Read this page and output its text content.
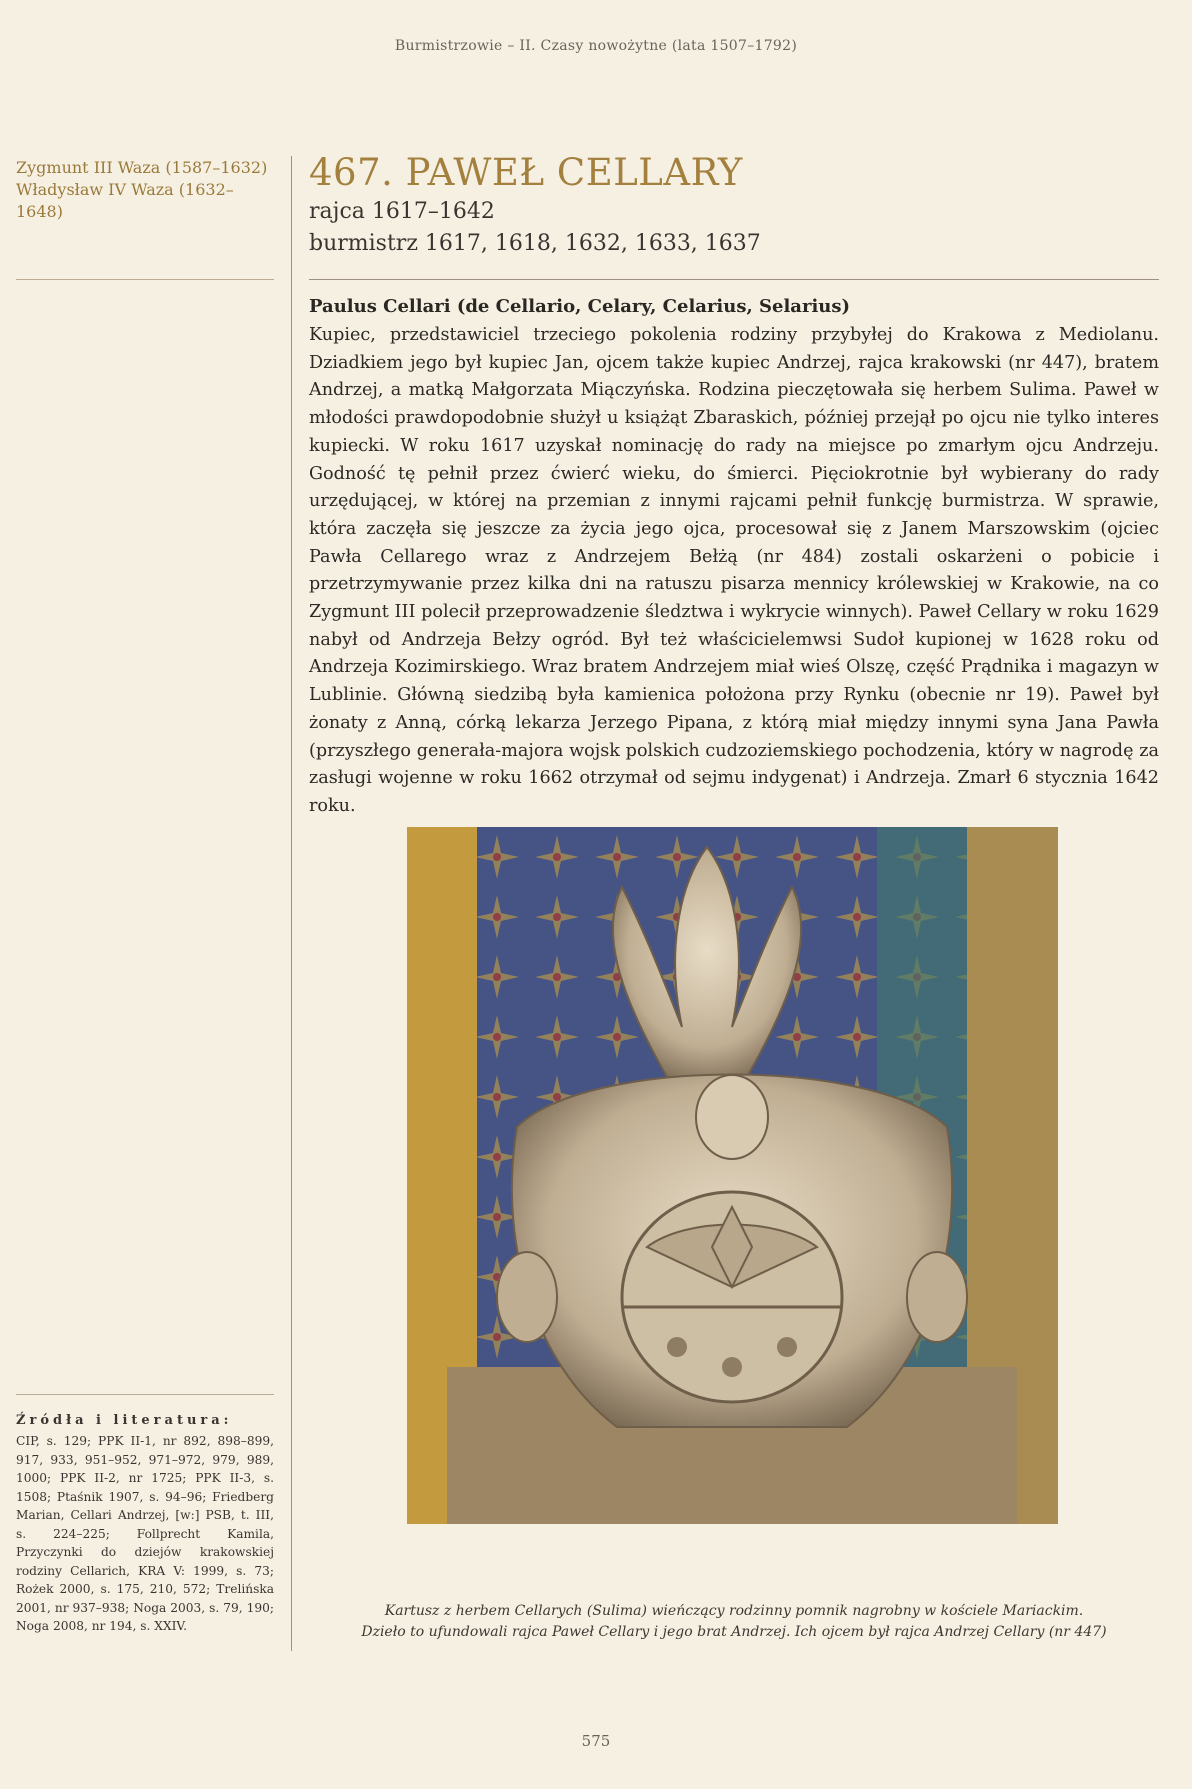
Burmistrzowie – II. Czasy nowożytne (lata 1507–1792)
Zygmunt III Waza (1587–1632)
Władysław IV Waza (1632–1648)
467. PAWEŁ CELLARY
rajca 1617–1642
burmistrz 1617, 1618, 1632, 1633, 1637
Paulus Cellari (de Cellario, Celary, Celarius, Selarius)
Kupiec, przedstawiciel trzeciego pokolenia rodziny przybyłej do Krakowa z Mediolanu. Dziadkiem jego był kupiec Jan, ojcem także kupiec Andrzej, rajca krakowski (nr 447), bratem Andrzej, a matką Małgorzata Miączyńska. Rodzina pieczętowała się herbem Sulima. Paweł w młodości prawdopodobnie służył u książąt Zbaraskich, później przejął po ojcu nie tylko interes kupiecki. W roku 1617 uzyskał nominację do rady na miejsce po zmarłym ojcu Andrzeju. Godność tę pełnił przez ćwierć wieku, do śmierci. Pięciokrotnie był wybierany do rady urzędującej, w której na przemian z innymi rajcami pełnił funkcję burmistrza. W sprawie, która zaczęła się jeszcze za życia jego ojca, procesował się z Janem Marszowskim (ojciec Pawła Cellarego wraz z Andrzejem Bełżą (nr 484) zostali oskarżeni o pobicie i przetrzymywanie przez kilka dni na ratuszu pisarza mennicy królewskiej w Krakowie, na co Zygmunt III polecił przeprowadzenie śledztwa i wykrycie winnych). Paweł Cellary w roku 1629 nabył od Andrzeja Bełzy ogród. Był też właścicielemwsi Sudoł kupionej w 1628 roku od Andrzeja Kozimirskiego. Wraz bratem Andrzejem miał wieś Olszę, część Prądnika i magazyn w Lublinie. Główną siedzibą była kamienica położona przy Rynku (obecnie nr 19). Paweł był żonaty z Anną, córką lekarza Jerzego Pipana, z którą miał między innymi syna Jana Pawła (przyszłego generała-majora wojsk polskich cudzoziemskiego pochodzenia, który w nagrodę za zasługi wojenne w roku 1662 otrzymał od sejmu indygenat) i Andrzeja. Zmarł 6 stycznia 1642 roku.
Kartusz z herbem Cellarych (Sulima) wieńczący rodzinny pomnik nagrobny w kościele Mariackim.
Dzieło to ufundowali rajca Paweł Cellary i jego brat Andrzej. Ich ojcem był rajca Andrzej Cellary (nr 447)
Źródła i literatura:
CIP, s. 129; PPK II-1, nr 892, 898–899, 917, 933, 951–952, 971–972, 979, 989, 1000; PPK II-2, nr 1725; PPK II-3, s. 1508; Ptaśnik 1907, s. 94–96; Friedberg Marian, Cellari Andrzej, [w:] PSB, t. III, s. 224–225; Follprecht Kamila, Przyczynki do dziejów krakowskiej rodziny Cellarich, KRA V: 1999, s. 73; Rożek 2000, s. 175, 210, 572; Trelińska 2001, nr 937–938; Noga 2003, s. 79, 190; Noga 2008, nr 194, s. XXIV.
575
